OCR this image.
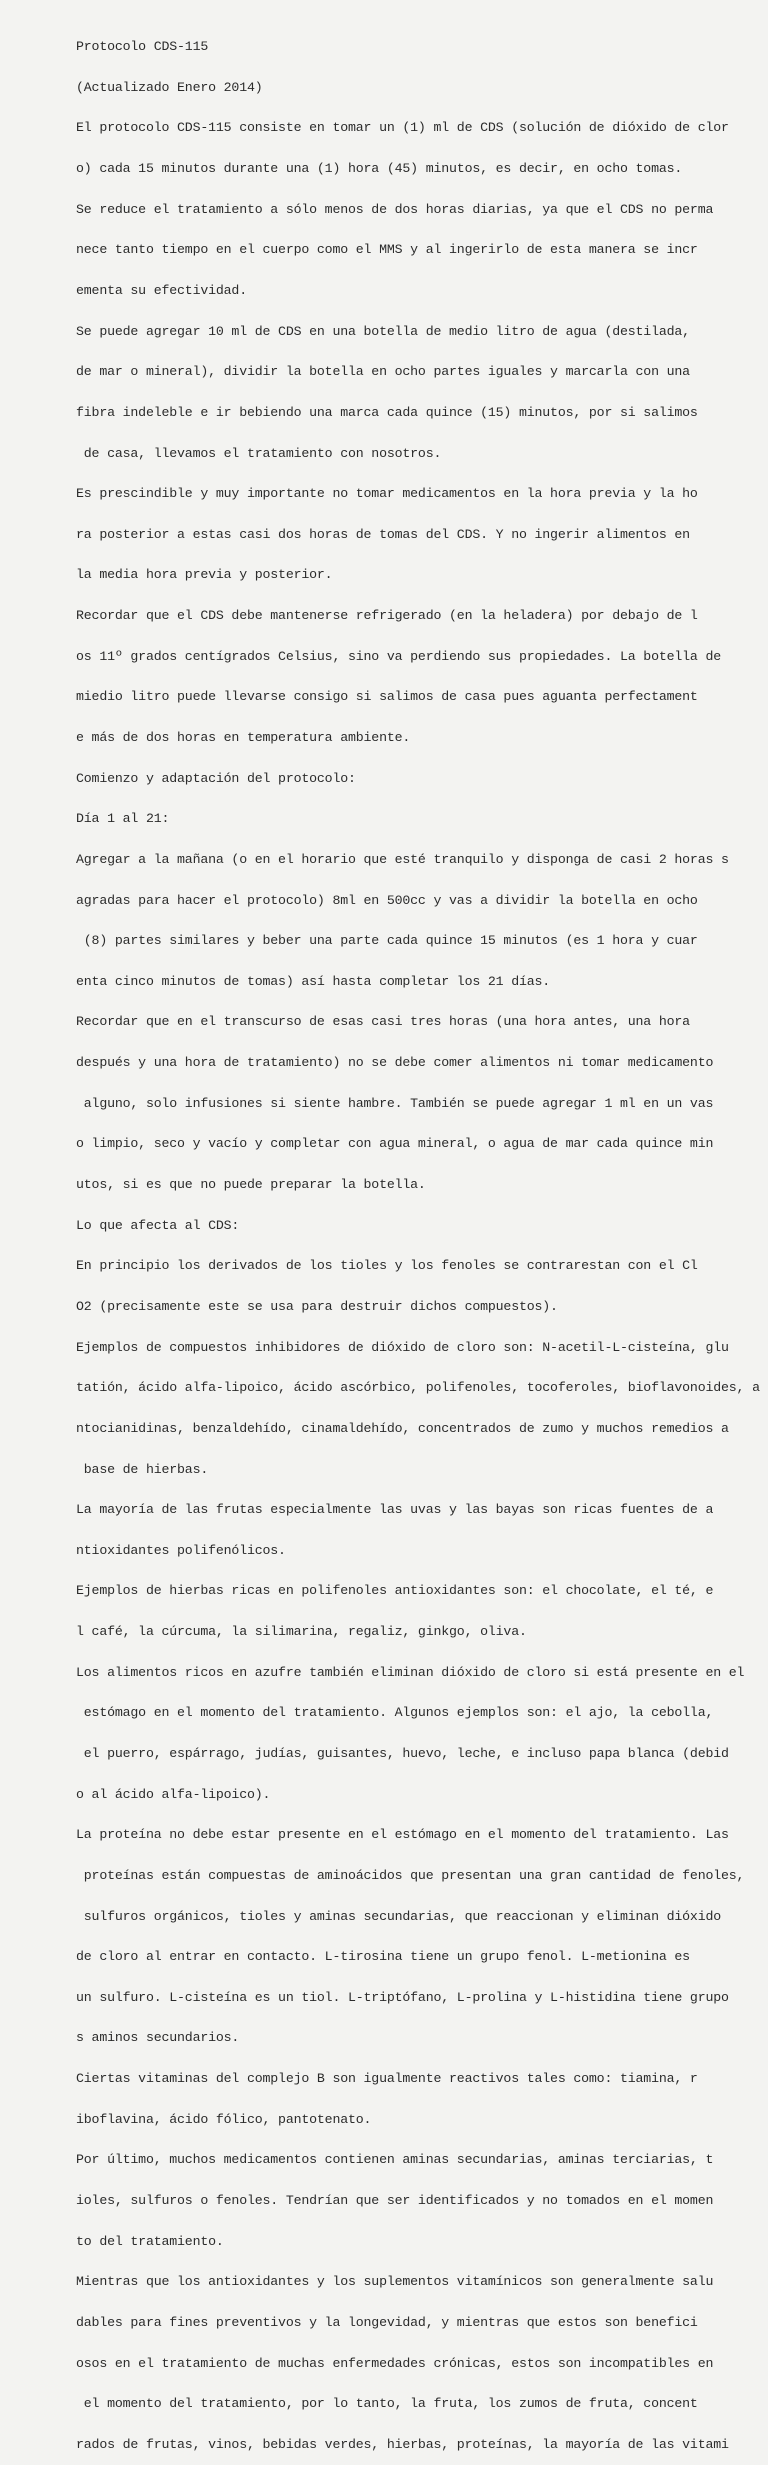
Protocolo CDS-115

(Actualizado Enero 2014)

El protocolo CDS-115 consiste en tomar un (1) ml de CDS (solución de dióxido de clor

o) cada 15 minutos durante una (1) hora (45) minutos, es decir, en ocho tomas.

Se reduce el tratamiento a sólo menos de dos horas diarias, ya que el CDS no perma

nece tanto tiempo en el cuerpo como el MMS y al ingerirlo de esta manera se incr

ementa su efectividad.

Se puede agregar 10 ml de CDS en una botella de medio litro de agua (destilada,

de mar o mineral), dividir la botella en ocho partes iguales y marcarla con una

fibra indeleble e ir bebiendo una marca cada quince (15) minutos, por si salimos

de casa, llevamos el tratamiento con nosotros.

Es prescindible y muy importante no tomar medicamentos en la hora previa y la ho

ra posterior a estas casi dos horas de tomas del CDS. Y no ingerir alimentos en

la media hora previa y posterior.

Recordar que el CDS debe mantenerse refrigerado (en la heladera) por debajo de l

os 11º grados centígrados Celsius, sino va perdiendo sus propiedades. La botella de

miedio litro puede llevarse consigo si salimos de casa pues aguanta perfectament

e más de dos horas en temperatura ambiente.

Comienzo y adaptación del protocolo:

Día 1 al 21:

Agregar a la mañana (o en el horario que esté tranquilo y disponga de casi 2 horas s

agradas para hacer el protocolo) 8ml en 500cc y vas a dividir la botella en ocho

(8) partes similares y beber una parte cada quince 15 minutos (es 1 hora y cuar

enta cinco minutos de tomas) así hasta completar los 21 días.

Recordar que en el transcurso de esas casi tres horas (una hora antes, una hora

después y una hora de tratamiento) no se debe comer alimentos ni tomar medicamento

alguno, solo infusiones si siente hambre. También se puede agregar 1 ml en un vas

o limpio, seco y vacío y completar con agua mineral, o agua de mar cada quince min

utos, si es que no puede preparar la botella.

Lo que afecta al CDS:

En principio los derivados de los tioles y los fenoles se contrarestan con el Cl

O2 (precisamente este se usa para destruir dichos compuestos).

Ejemplos de compuestos inhibidores de dióxido de cloro son: N-acetil-L-cisteína, glu

tatión, ácido alfa-lipoico, ácido ascórbico, polifenoles, tocoferoles, bioflavonoides, a

ntocianidinas, benzaldehído, cinamaldehído, concentrados de zumo y muchos remedios a

base de hierbas.

La mayoría de las frutas especialmente las uvas y las bayas son ricas fuentes de a

ntioxidantes polifenólicos.

Ejemplos de hierbas ricas en polifenoles antioxidantes son: el chocolate, el té, e

l café, la cúrcuma, la silimarina, regaliz, ginkgo, oliva.

Los alimentos ricos en azufre también eliminan dióxido de cloro si está presente en el

estómago en el momento del tratamiento. Algunos ejemplos son: el ajo, la cebolla,

el puerro, espárrago, judías, guisantes, huevo, leche, e incluso papa blanca (debid

o al ácido alfa-lipoico).

La proteína no debe estar presente en el estómago en el momento del tratamiento. Las

proteínas están compuestas de aminoácidos que presentan una gran cantidad de fenoles,

sulfuros orgánicos, tioles y aminas secundarias, que reaccionan y eliminan dióxido

de cloro al entrar en contacto. L-tirosina tiene un grupo fenol. L-metionina es

un sulfuro. L-cisteína es un tiol. L-triptófano, L-prolina y L-histidina tiene grupo

s aminos secundarios.

Ciertas vitaminas del complejo B son igualmente reactivos tales como: tiamina, r

iboflavina, ácido fólico, pantotenato.

Por último, muchos medicamentos contienen aminas secundarias, aminas terciarias, t

ioles, sulfuros o fenoles. Tendrían que ser identificados y no tomados en el momen

to del tratamiento.

Mientras que los antioxidantes y los suplementos vitamínicos son generalmente salu

dables para fines preventivos y la longevidad, y mientras que estos son benefici

osos en el tratamiento de muchas enfermedades crónicas, estos son incompatibles en

el momento del tratamiento, por lo tanto, la fruta, los zumos de fruta, concent

rados de frutas, vinos, bebidas verdes, hierbas, proteínas, la mayoría de las vitami
